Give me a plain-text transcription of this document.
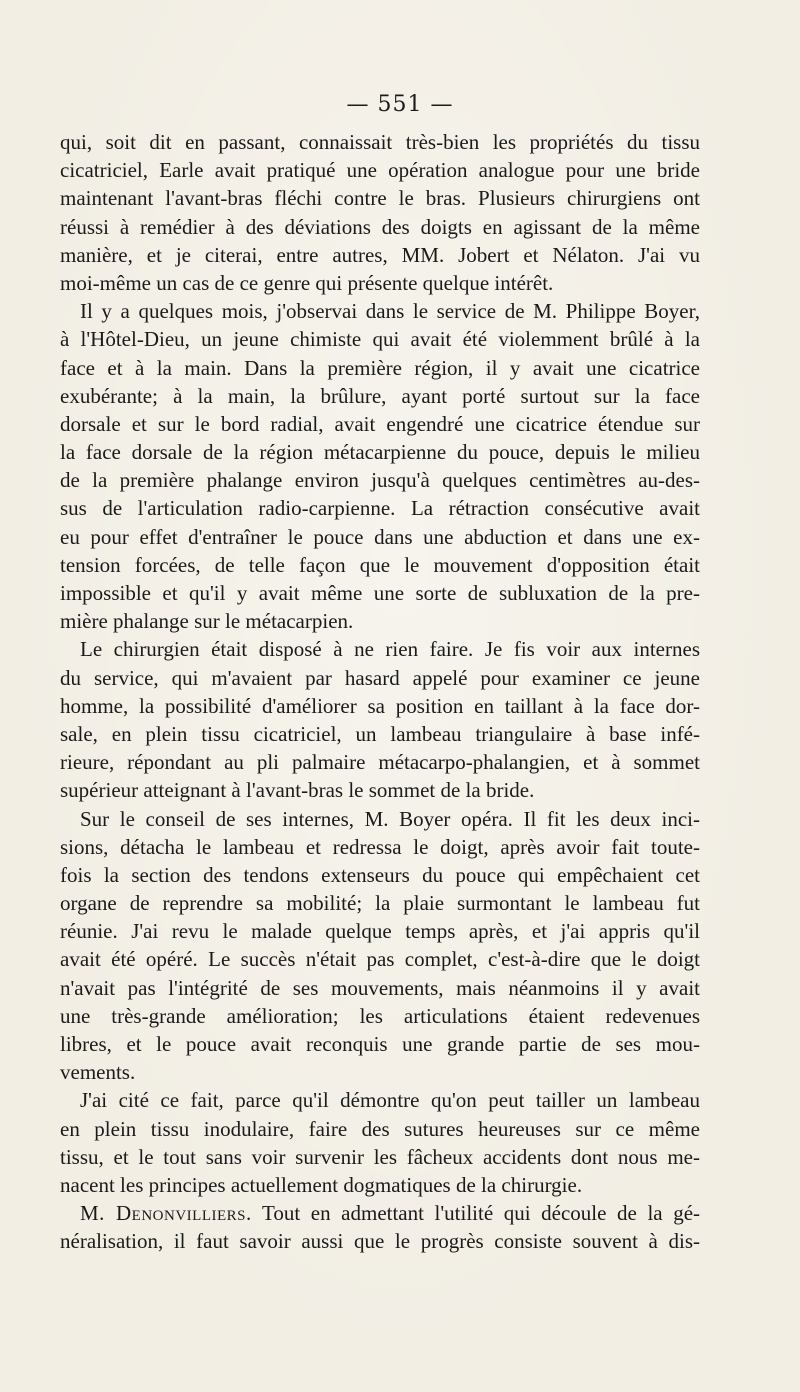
— 551 —
qui, soit dit en passant, connaissait très-bien les propriétés du tissu
cicatriciel, Earle avait pratiqué une opération analogue pour une bride
maintenant l'avant-bras fléchi contre le bras. Plusieurs chirurgiens ont
réussi à remédier à des déviations des doigts en agissant de la même
manière, et je citerai, entre autres, MM. Jobert et Nélaton. J'ai vu
moi-même un cas de ce genre qui présente quelque intérêt.
Il y a quelques mois, j'observai dans le service de M. Philippe Boyer,
à l'Hôtel-Dieu, un jeune chimiste qui avait été violemment brûlé à la
face et à la main. Dans la première région, il y avait une cicatrice
exubérante; à la main, la brûlure, ayant porté surtout sur la face
dorsale et sur le bord radial, avait engendré une cicatrice étendue sur
la face dorsale de la région métacarpienne du pouce, depuis le milieu
de la première phalange environ jusqu'à quelques centimètres au-des-
sus de l'articulation radio-carpienne. La rétraction consécutive avait
eu pour effet d'entraîner le pouce dans une abduction et dans une ex-
tension forcées, de telle façon que le mouvement d'opposition était
impossible et qu'il y avait même une sorte de subluxation de la pre-
mière phalange sur le métacarpien.
Le chirurgien était disposé à ne rien faire. Je fis voir aux internes
du service, qui m'avaient par hasard appelé pour examiner ce jeune
homme, la possibilité d'améliorer sa position en taillant à la face dor-
sale, en plein tissu cicatriciel, un lambeau triangulaire à base infé-
rieure, répondant au pli palmaire métacarpo-phalangien, et à sommet
supérieur atteignant à l'avant-bras le sommet de la bride.
Sur le conseil de ses internes, M. Boyer opéra. Il fit les deux inci-
sions, détacha le lambeau et redressa le doigt, après avoir fait toute-
fois la section des tendons extenseurs du pouce qui empêchaient cet
organe de reprendre sa mobilité; la plaie surmontant le lambeau fut
réunie. J'ai revu le malade quelque temps après, et j'ai appris qu'il
avait été opéré. Le succès n'était pas complet, c'est-à-dire que le doigt
n'avait pas l'intégrité de ses mouvements, mais néanmoins il y avait
une très-grande amélioration; les articulations étaient redevenues
libres, et le pouce avait reconquis une grande partie de ses mou-
vements.
J'ai cité ce fait, parce qu'il démontre qu'on peut tailler un lambeau
en plein tissu inodulaire, faire des sutures heureuses sur ce même
tissu, et le tout sans voir survenir les fâcheux accidents dont nous me-
nacent les principes actuellement dogmatiques de la chirurgie.
M. Denonvilliers. Tout en admettant l'utilité qui découle de la gé-
néralisation, il faut savoir aussi que le progrès consiste souvent à dis-
